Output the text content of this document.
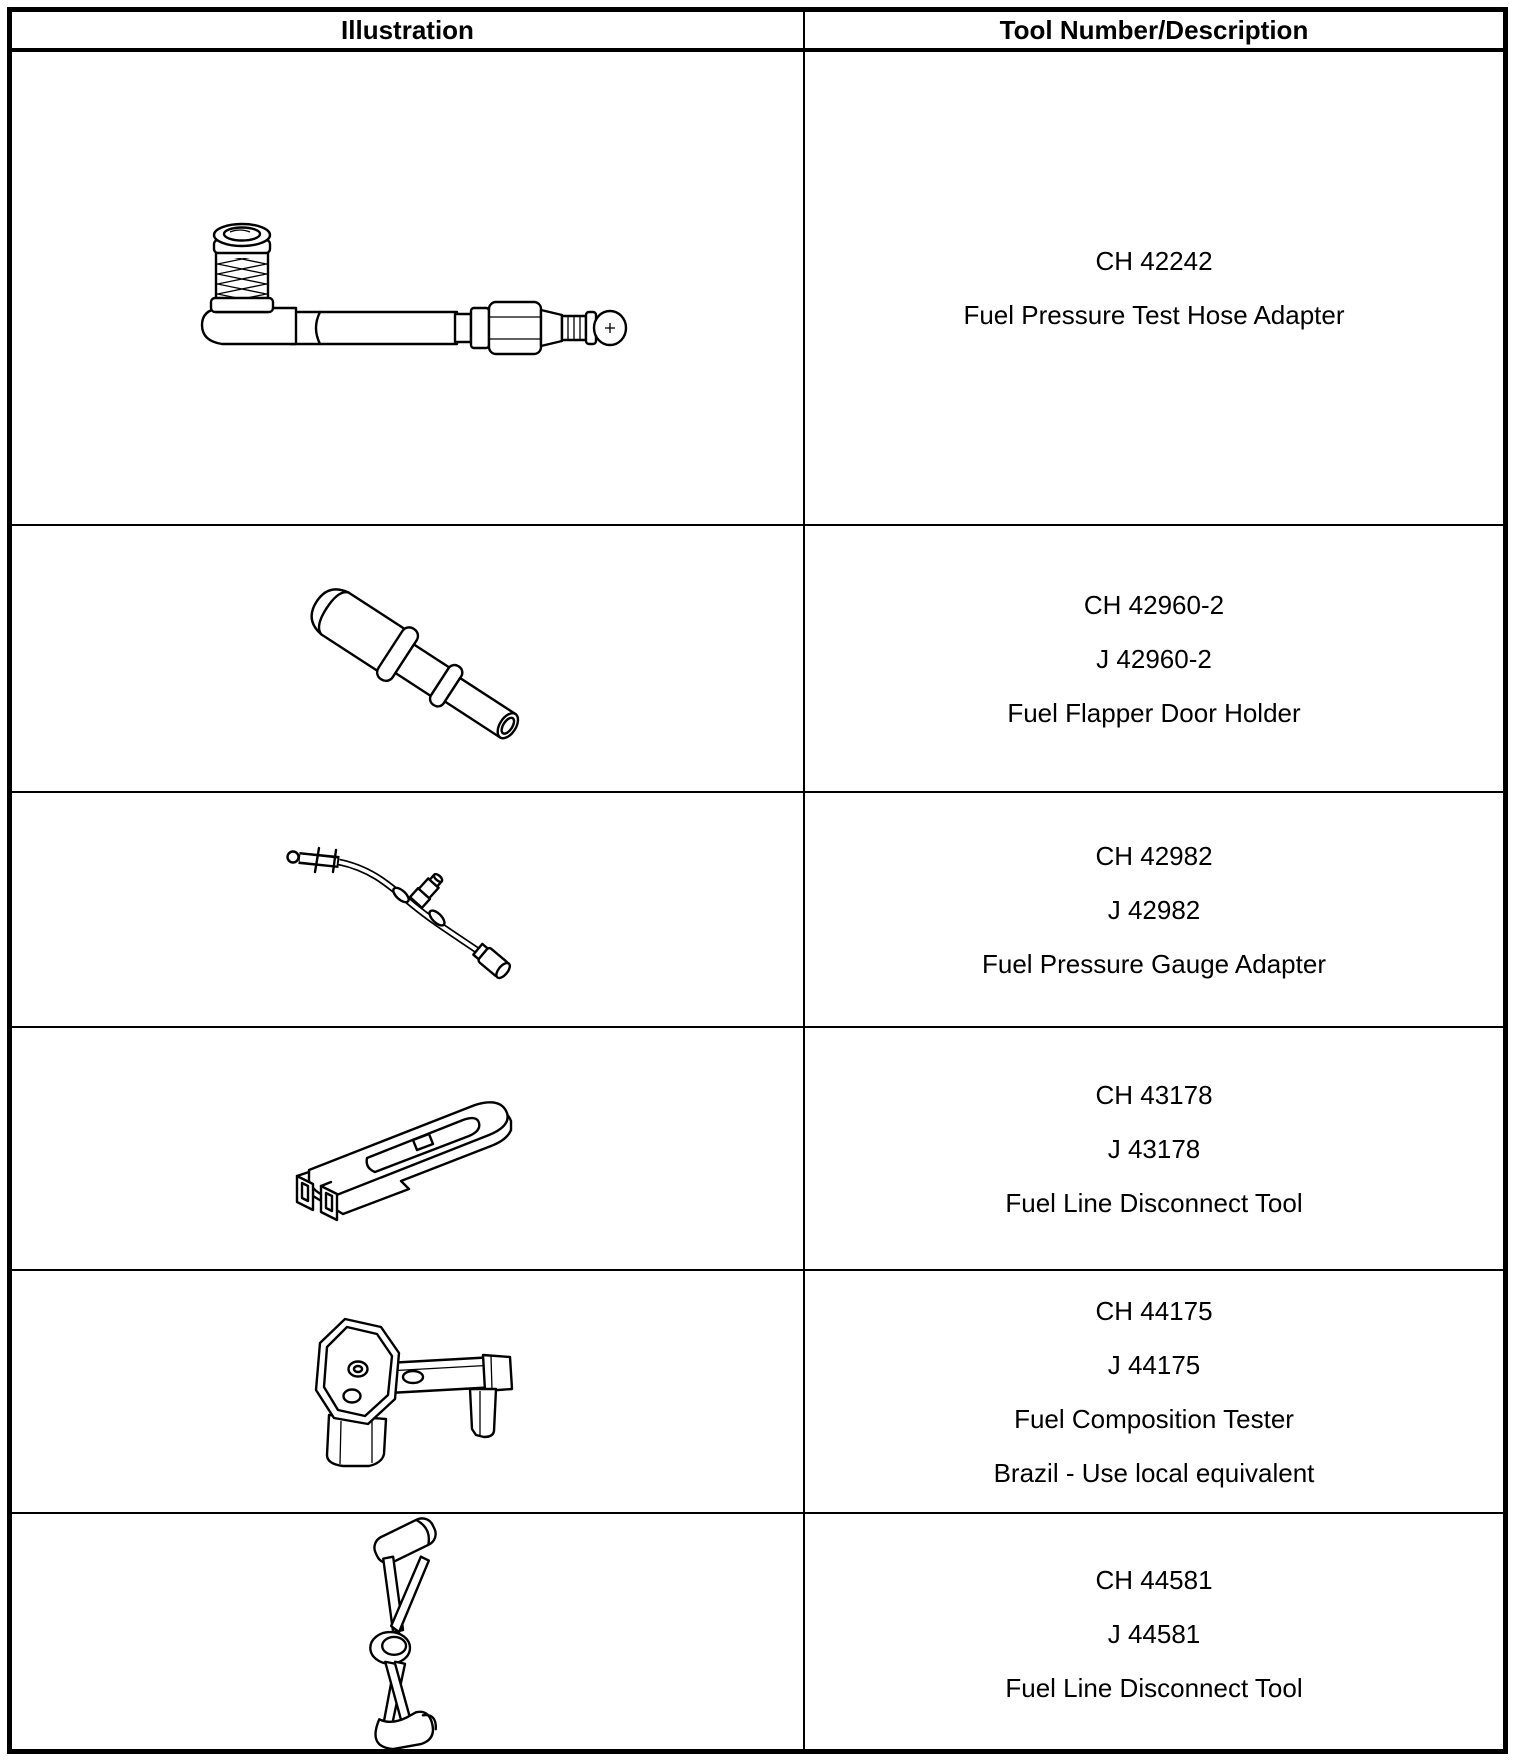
Illustration	Tool Number/Description
CH 42242
Fuel Pressure Test Hose Adapter
CH 42960-2
J 42960-2
Fuel Flapper Door Holder
CH 42982
J 42982
Fuel Pressure Gauge Adapter
CH 43178
J 43178
Fuel Line Disconnect Tool
CH 44175
J 44175
Fuel Composition Tester
Brazil - Use local equivalent
CH 44581
J 44581
Fuel Line Disconnect Tool
